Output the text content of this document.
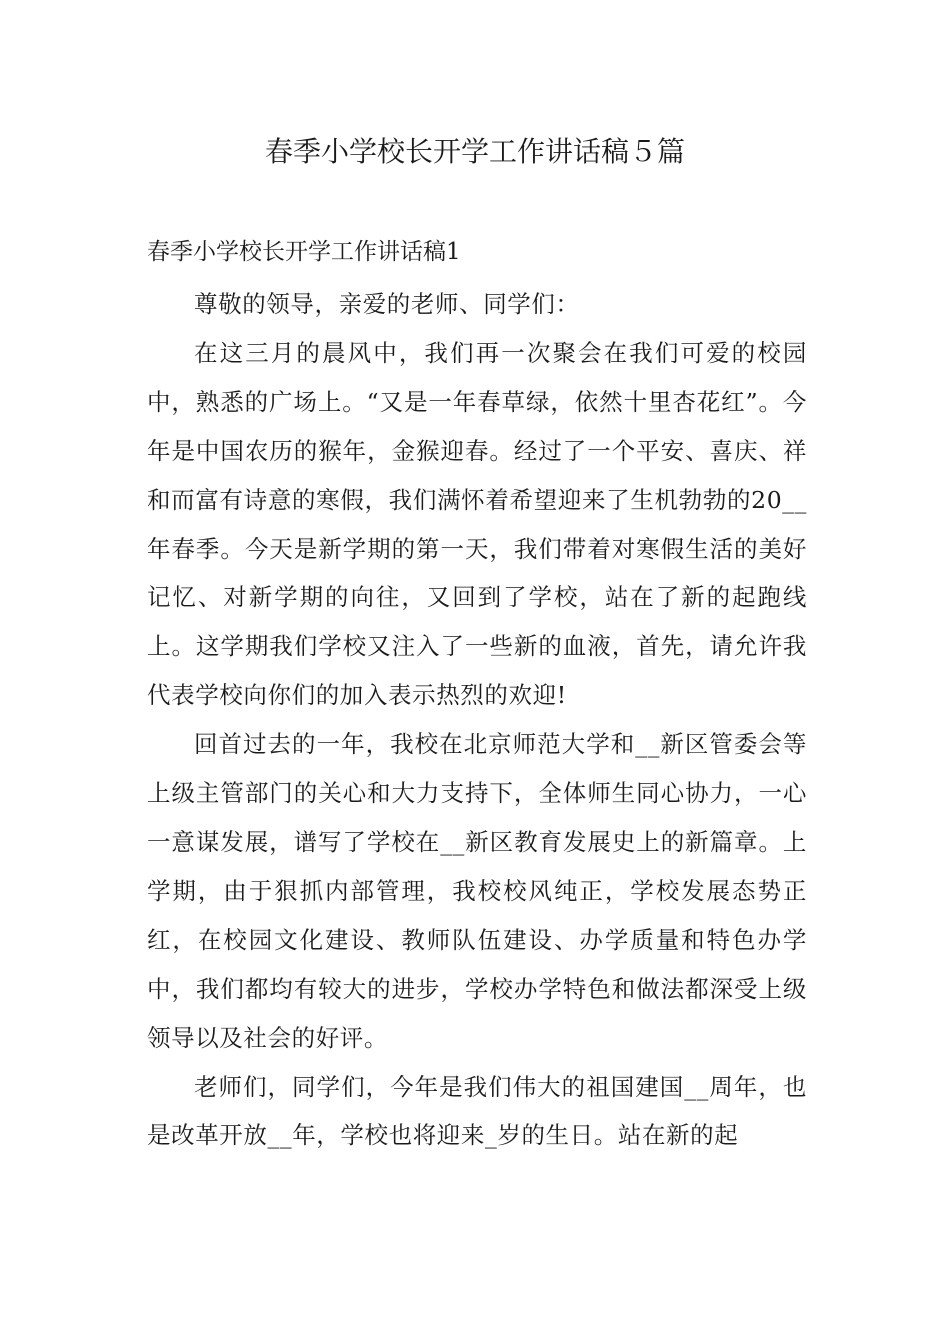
春季小学校长开学工作讲话稿５篇
春季小学校长开学工作讲话稿1

尊敬的领导，亲爱的老师、同学们：

在这三月的晨风中，我们再一次聚会在我们可爱的校园中，熟悉的广场上。“又是一年春草绿，依然十里杏花红”。今年是中国农历的猴年，金猴迎春。经过了一个平安、喜庆、祥和而富有诗意的寒假，我们满怀着希望迎来了生机勃勃的20__年春季。今天是新学期的第一天，我们带着对寒假生活的美好记忆、对新学期的向往，又回到了学校，站在了新的起跑线上。这学期我们学校又注入了一些新的血液，首先，请允许我代表学校向你们的加入表示热烈的欢迎!

回首过去的一年，我校在北京师范大学和__新区管委会等上级主管部门的关心和大力支持下，全体师生同心协力，一心一意谋发展，谱写了学校在__新区教育发展史上的新篇章。上学期，由于狠抓内部管理，我校校风纯正，学校发展态势正红，在校园文化建设、教师队伍建设、办学质量和特色办学中，我们都均有较大的进步，学校办学特色和做法都深受上级领导以及社会的好评。

老师们，同学们，今年是我们伟大的祖国建国__周年，也是改革开放__年，学校也将迎来_岁的生日。站在新的起
